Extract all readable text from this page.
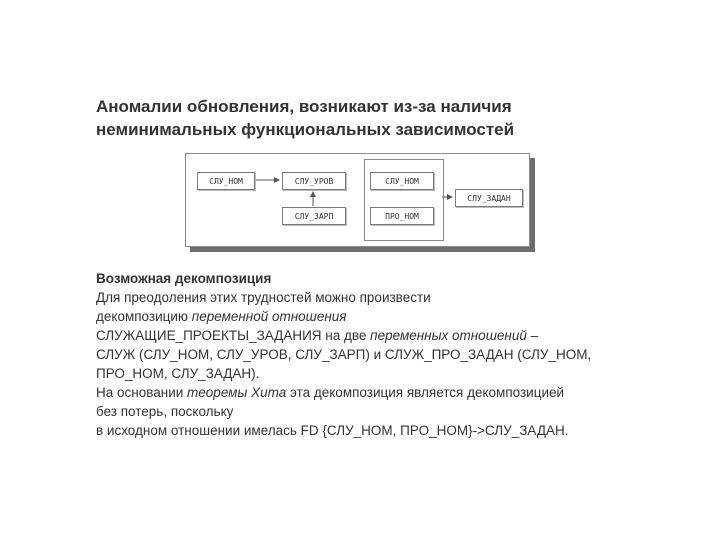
Аномалии обновления, возникают из-за наличия
неминимальных функциональных зависимостей
СЛУ_НОМ	СЛУ_УРОВ
СЛУ_ЗАРП
СЛУ_НОМ
ПРО_НОМ
СЛУ_ЗАДАН

Возможная декомпозиция

Для преодоления этих трудностей можно произвести

декомпозицию переменной отношения

СЛУЖАЩИЕ_ПРОЕКТЫ_ЗАДАНИЯ на две переменных отношений –

СЛУЖ (СЛУ_НОМ, СЛУ_УРОВ, СЛУ_ЗАРП) и СЛУЖ_ПРО_ЗАДАН (СЛУ_НОМ,

ПРО_НОМ, СЛУ_ЗАДАН).

На основании теоремы Хита эта декомпозиция является декомпозицией

без потерь, поскольку

в исходном отношении имелась FD {СЛУ_НОМ, ПРО_НОМ}->СЛУ_ЗАДАН.
